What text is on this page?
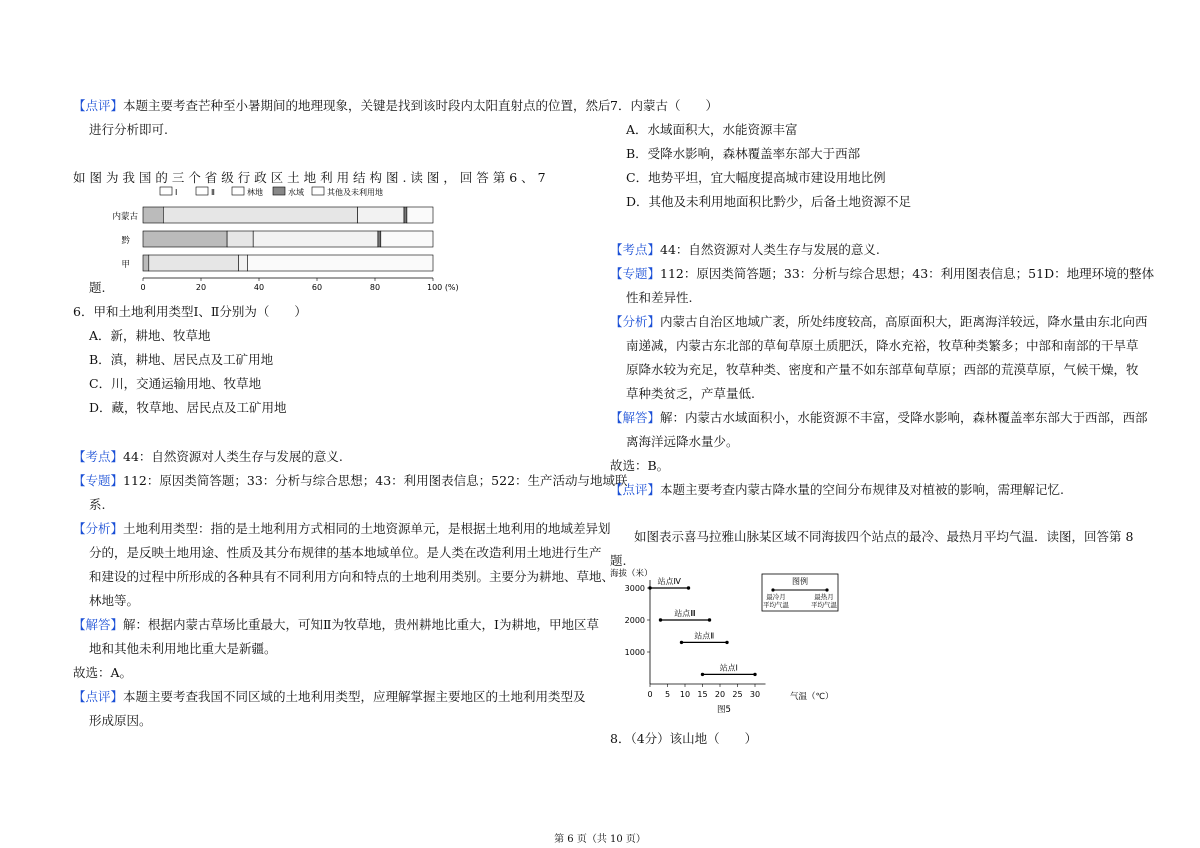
【点评】本题主要考查芒种至小暑期间的地理现象，关键是找到该时段内太阳直射点的位置，然后
进行分析即可.
如 图 为 我 国 的 三 个 省 级 行 政 区 土 地 利 用 结 构 图 . 读 图 ， 回 答 第 6 、 7
Ⅰ	Ⅱ	林地	水域	其他及未利用地
内蒙古
黔
甲
0	20	40	60	80	100 (%)
题.
6．甲和土地利用类型Ⅰ、Ⅱ分别为（　　）
A．新，耕地、牧草地
B．滇，耕地、居民点及工矿用地
C．川，交通运输用地、牧草地
D．藏，牧草地、居民点及工矿用地
【考点】44：自然资源对人类生存与发展的意义.
【专题】112：原因类简答题；33：分析与综合思想；43：利用图表信息；522：生产活动与地域联
系.
【分析】土地利用类型：指的是土地利用方式相同的土地资源单元，是根据土地利用的地域差异划
分的，是反映土地用途、性质及其分布规律的基本地域单位。是人类在改造利用土地进行生产
和建设的过程中所形成的各种具有不同利用方向和特点的土地利用类别。主要分为耕地、草地、
林地等。
【解答】解：根据内蒙古草场比重最大，可知Ⅱ为牧草地，贵州耕地比重大，Ⅰ为耕地，甲地区草
地和其他未利用地比重大是新疆。
故选：A。
【点评】本题主要考查我国不同区域的土地利用类型，应理解掌握主要地区的土地利用类型及
形成原因。
7．内蒙古（　　）
A．水域面积大，水能资源丰富
B．受降水影响，森林覆盖率东部大于西部
C．地势平坦，宜大幅度提高城市建设用地比例
D．其他及未利用地面积比黔少，后备土地资源不足
【考点】44：自然资源对人类生存与发展的意义.
【专题】112：原因类简答题；33：分析与综合思想；43：利用图表信息；51D：地理环境的整体
性和差异性.
【分析】内蒙古自治区地域广袤，所处纬度较高，高原面积大，距离海洋较远，降水量由东北向西
南递减，内蒙古东北部的草甸草原土质肥沃，降水充裕，牧草种类繁多；中部和南部的干旱草
原降水较为充足，牧草种类、密度和产量不如东部草甸草原；西部的荒漠草原，气候干燥，牧
草种类贫乏，产草量低.
【解答】解：内蒙古水域面积小，水能资源不丰富，受降水影响，森林覆盖率东部大于西部，西部
离海洋远降水量少。
故选：B。
【点评】本题主要考查内蒙古降水量的空间分布规律及对植被的影响，需理解记忆.
如图表示喜马拉雅山脉某区域不同海拔四个站点的最冷、最热月平均气温．读图，回答第 8
题.
海拔（米）
3000
2000
1000
0 5 10 15 20 25 30
站点Ⅳ
站点Ⅲ
站点Ⅱ
站点Ⅰ
图例
最冷月平均气温
最热月平均气温
气温（℃）
图5
8．（4分）该山地（　　）
第 6 页（共 10 页）
